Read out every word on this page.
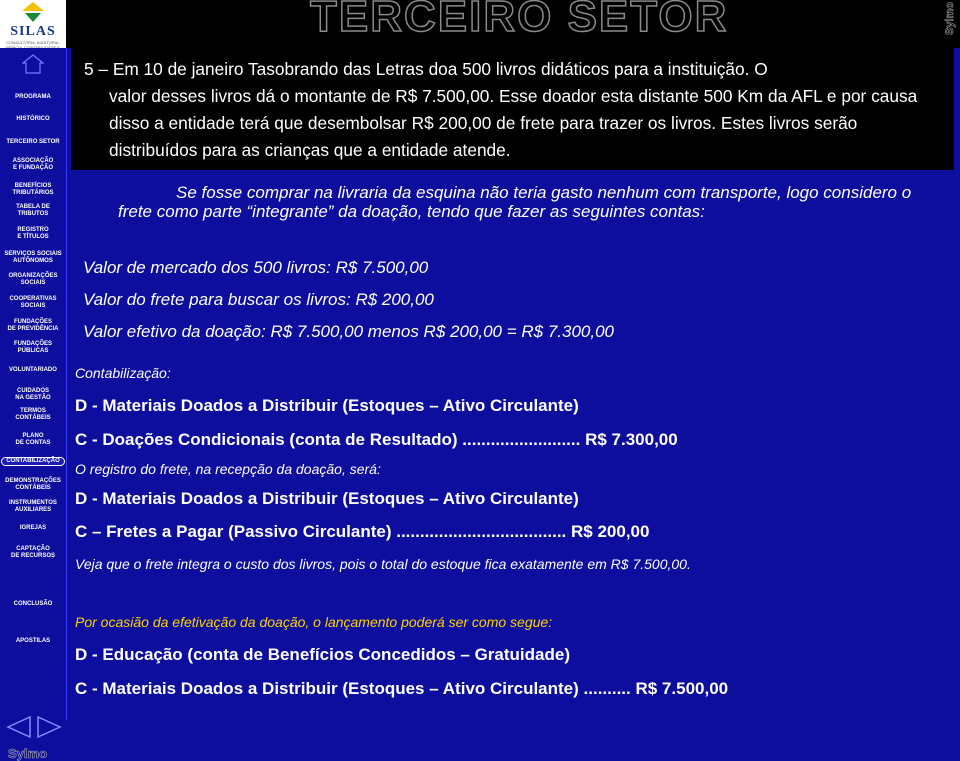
SILAS
CONSULTORIA, AUDITORIA,
TERCEIRO SETOR	Sylmo
PROGRAMA
HISTÓRICO
TERCEIRO SETOR
ASSOCIAÇÃO
E FUNDAÇÃO
BENEFÍCIOS
TRIBUTÁRIOS
TABELA DE
TRIBUTOS
REGISTRO
E TÍTULOS
SERVIÇOS SOCIAIS
AUTÔNOMOS
ORGANIZAÇÕES
SOCIAIS
COOPERATIVAS
SOCIAIS
FUNDAÇÕES
DE PREVIDÊNCIA
FUNDAÇÕES
PÚBLICAS
VOLUNTARIADO
CUIDADOS
NA GESTÃO
TERMOS
CONTÁBEIS
PLANO
DE CONTAS
CONTABILIZAÇÃO
DEMONSTRAÇÕES
CONTÁBEIS
INSTRUMENTOS
AUXILIARES
IGREJAS
CAPTAÇÃO
DE RECURSOS
CONCLUSÃO
APOSTILAS
Sylmo

5 – Em 10 de janeiro Tasobrando das Letras doa 500 livros didáticos para a instituição. O
valor desses livros dá o montante de R$ 7.500,00. Esse doador esta distante 500 Km da AFL e por causa disso a entidade terá que desembolsar R$ 200,00 de frete para trazer os livros. Estes livros serão distribuídos para as crianças que a entidade atende.

Se fosse comprar na livraria da esquina não teria gasto nenhum com transporte, logo considero o frete como parte “integrante” da doação, tendo que fazer as seguintes contas:

Valor de mercado dos 500 livros: R$ 7.500,00

Valor do frete para buscar os livros: R$ 200,00

Valor efetivo da doação: R$ 7.500,00 menos R$ 200,00 = R$ 7.300,00

Contabilização:

D - Materiais Doados a Distribuir (Estoques – Ativo Circulante)

C - Doações Condicionais (conta de Resultado) ......................... R$ 7.300,00

O registro do frete, na recepção da doação, será:

D - Materiais Doados a Distribuir (Estoques – Ativo Circulante)

C – Fretes a Pagar (Passivo Circulante) .................................... R$ 200,00

Veja que o frete integra o custo dos livros, pois o total do estoque fica exatamente em R$ 7.500,00.

Por ocasião da efetivação da doação, o lançamento poderá ser como segue:

D - Educação (conta de Benefícios Concedidos – Gratuidade)

C - Materiais Doados a Distribuir (Estoques – Ativo Circulante) .......... R$ 7.500,00
